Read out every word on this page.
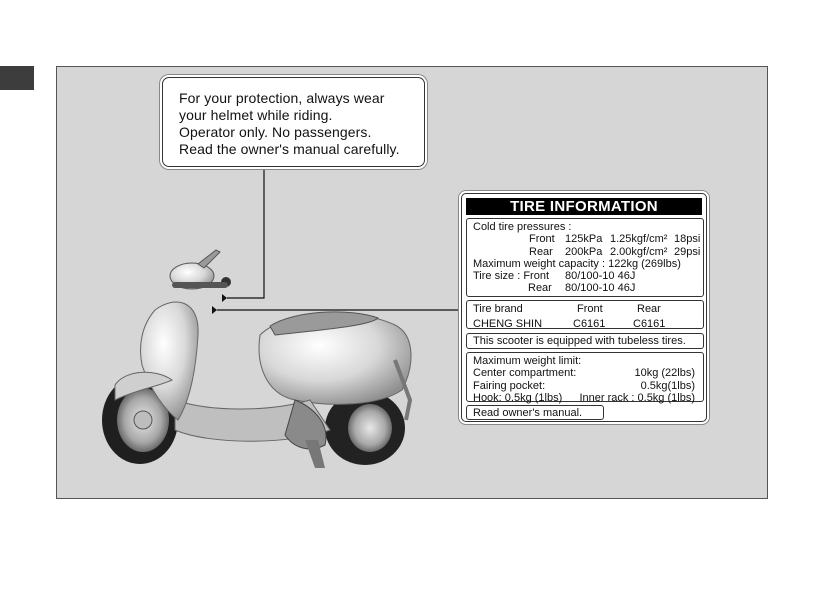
For your protection, always wear
your helmet while riding.
Operator only. No passengers.
Read the owner's manual carefully.
TIRE INFORMATION
Cold tire pressures :
Front 125kPa 1.25kgf/cm² 18psi
Rear 200kPa 2.00kgf/cm² 29psi
Maximum weight capacity : 122kg (269lbs)
Tire size : Front 80/100-10 46J
Rear 80/100-10 46J
Tire brand	Front	Rear
CHENG SHIN	C6161	C6161
This scooter is equipped with tubeless tires.
Maximum weight limit:
Center compartment:	10kg (22lbs)
Fairing pocket:	0.5kg(1lbs)
Hook: 0.5kg (1lbs) Inner rack : 0.5kg (1lbs)
Read owner's manual.
